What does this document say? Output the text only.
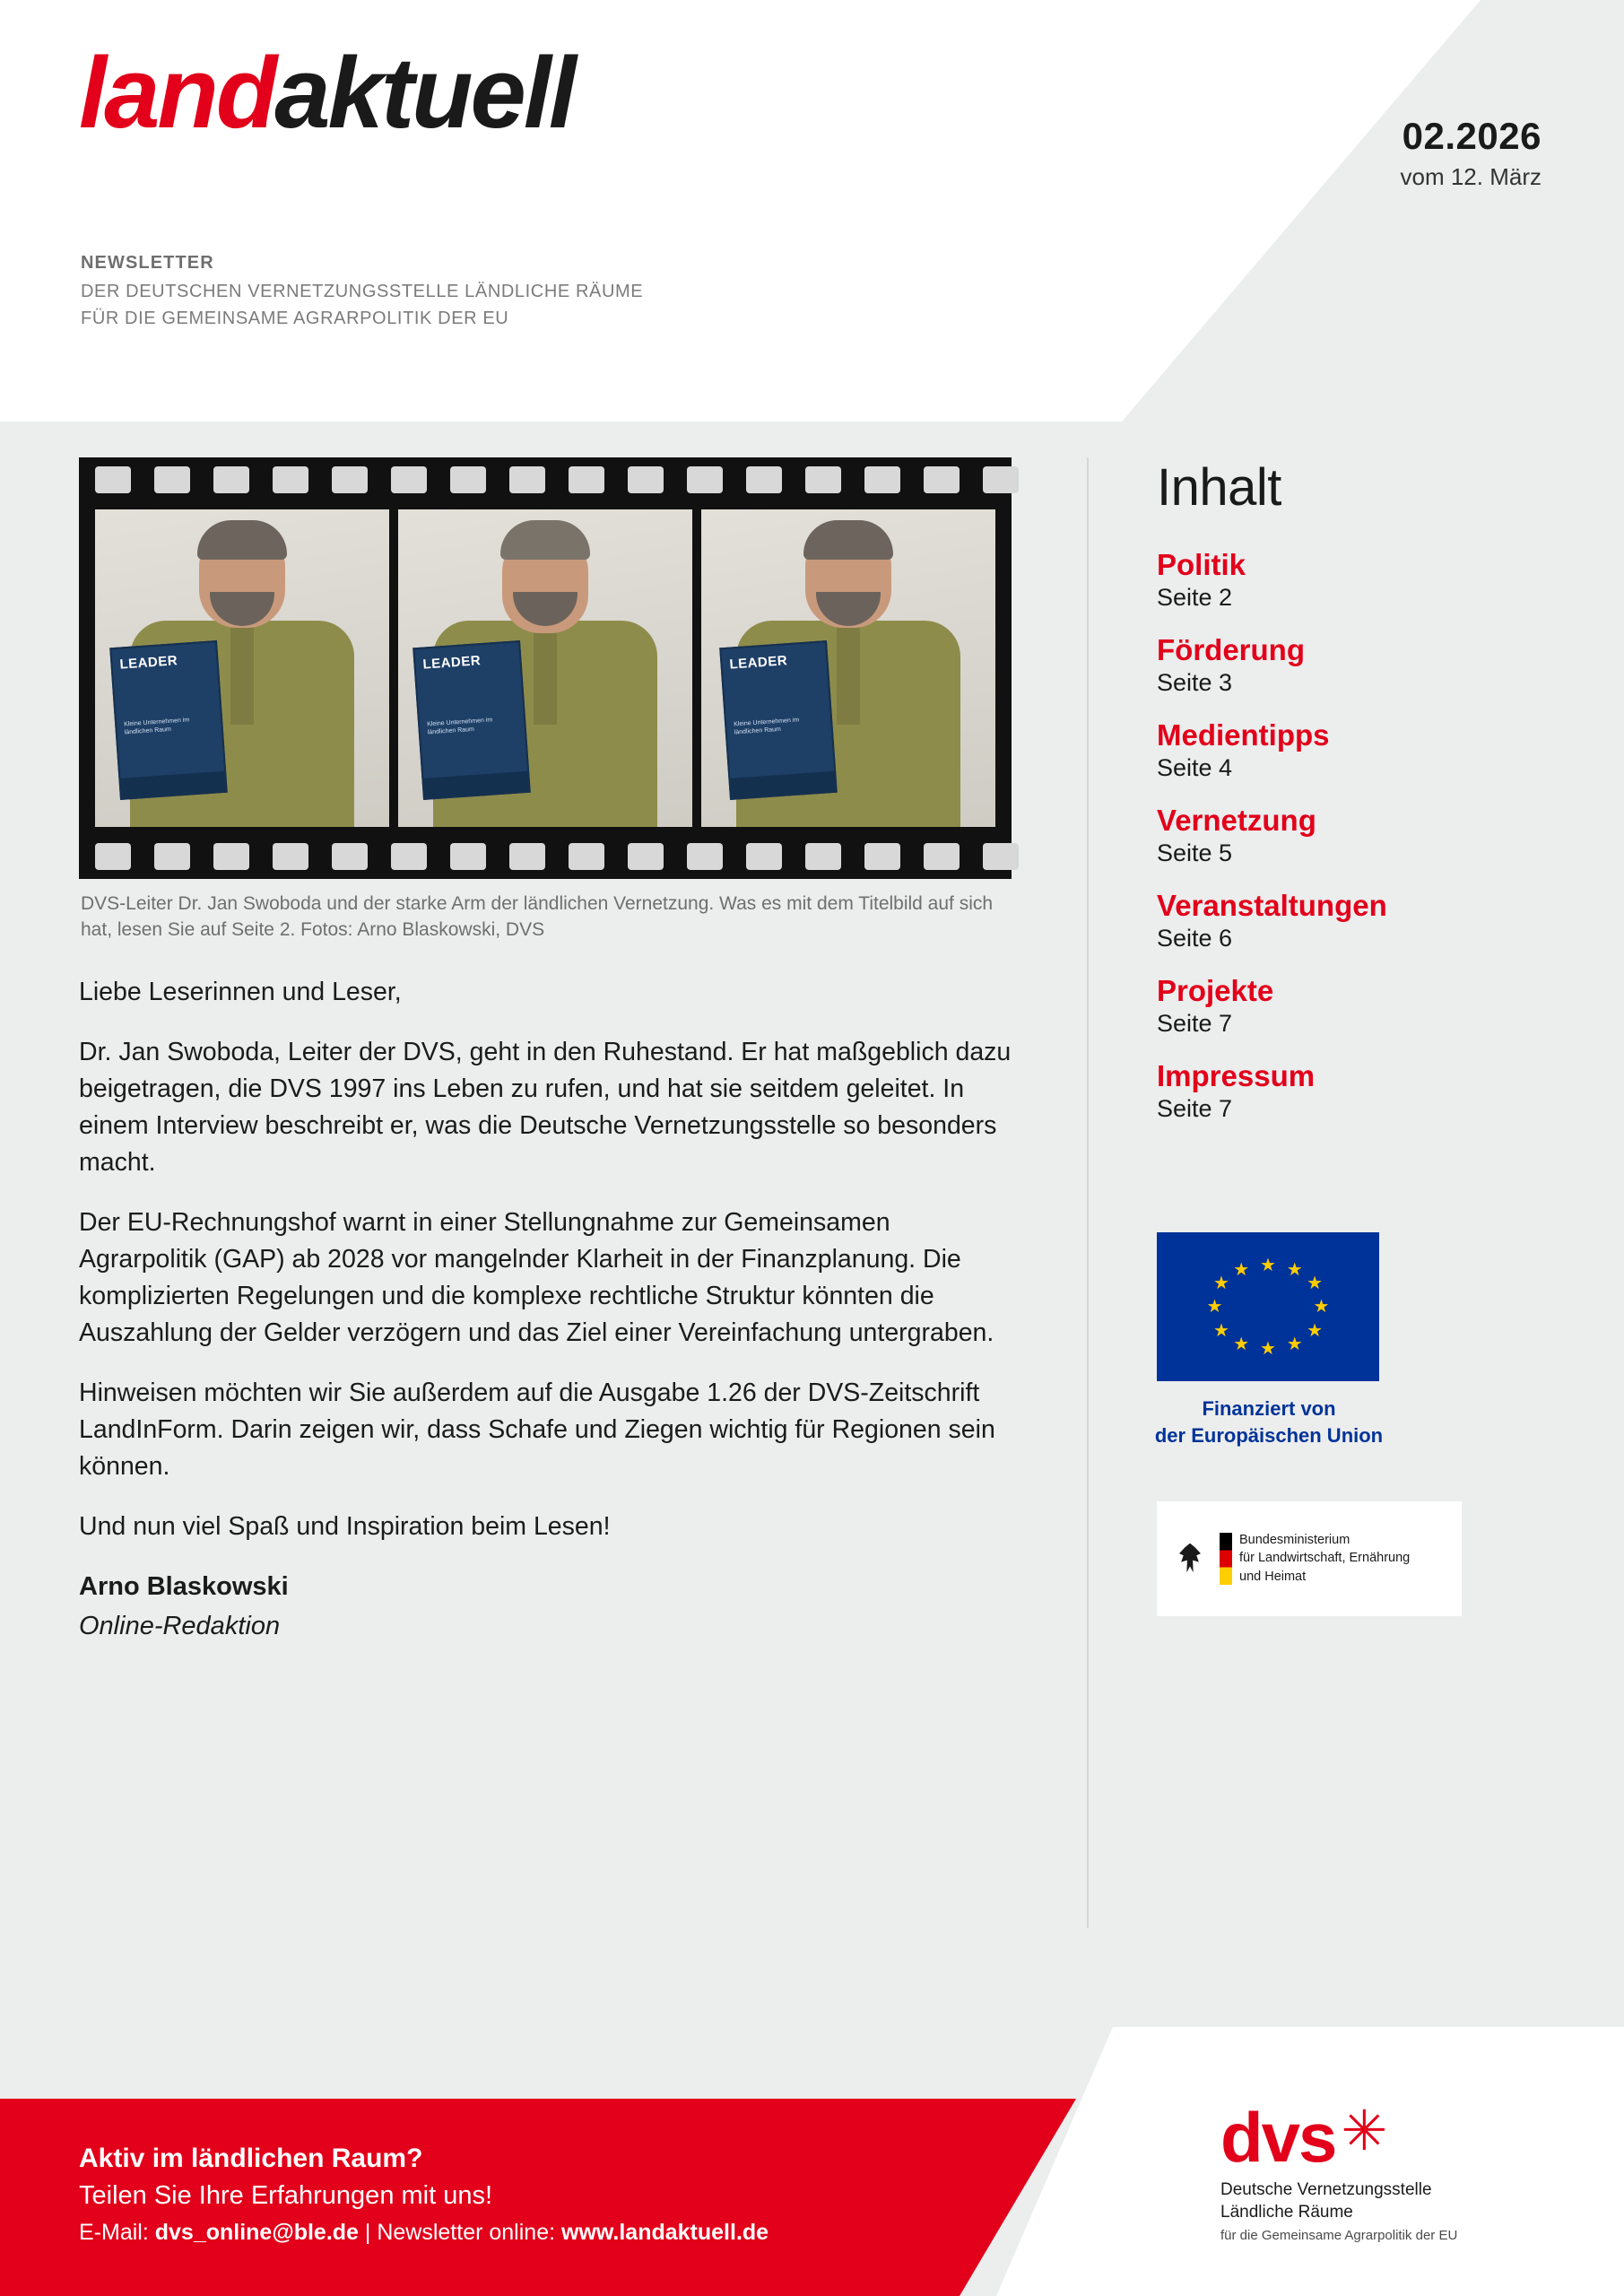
landaktuell
NEWSLETTER
DER DEUTSCHEN VERNETZUNGSSTELLE LÄNDLICHE RÄUME
FÜR DIE GEMEINSAME AGRARPOLITIK DER EU
02.2026
vom 12. März
LEADER
Kleine Unternehmen im ländlichen Raum
LEADER
Kleine Unternehmen im ländlichen Raum
LEADER
Kleine Unternehmen im ländlichen Raum
DVS-Leiter Dr. Jan Swoboda und der starke Arm der ländlichen Vernetzung. Was es mit dem Titelbild auf sich hat, lesen Sie auf Seite 2. Fotos: Arno Blaskowski, DVS

Liebe Leserinnen und Leser,

Dr. Jan Swoboda, Leiter der DVS, geht in den Ruhestand. Er hat maßgeblich dazu beigetragen, die DVS 1997 ins Leben zu rufen, und hat sie seitdem geleitet. In einem Interview beschreibt er, was die Deutsche Vernetzungsstelle so besonders macht.

Der EU-Rechnungshof warnt in einer Stellungnahme zur Gemeinsamen Agrarpolitik (GAP) ab 2028 vor mangelnder Klarheit in der Finanzplanung. Die komplizierten Regelungen und die komplexe rechtliche Struktur könnten die Auszahlung der Gelder verzögern und das Ziel einer Vereinfachung untergraben.

Hinweisen möchten wir Sie außerdem auf die Ausgabe 1.26 der DVS-Zeitschrift LandInForm. Darin zeigen wir, dass Schafe und Ziegen wichtig für Regionen sein können.

Und nun viel Spaß und Inspiration beim Lesen!

Arno Blaskowski
Online-Redaktion
Inhalt
Politik
Seite 2
Förderung
Seite 3
Medientipps
Seite 4
Vernetzung
Seite 5
Veranstaltungen
Seite 6
Projekte
Seite 7
Impressum
Seite 7
★ ★
★
★
★
★
★
★
★
★
★
★
Finanziert von
der Europäischen Union
Bundesministerium
für Landwirtschaft, Ernährung
und Heimat
Aktiv im ländlichen Raum?
Teilen Sie Ihre Erfahrungen mit uns!
E-Mail: dvs_online@ble.de | Newsletter online: www.landaktuell.de
dvs✳
Deutsche Vernetzungsstelle
Ländliche Räume
für die Gemeinsame Agrarpolitik der EU
